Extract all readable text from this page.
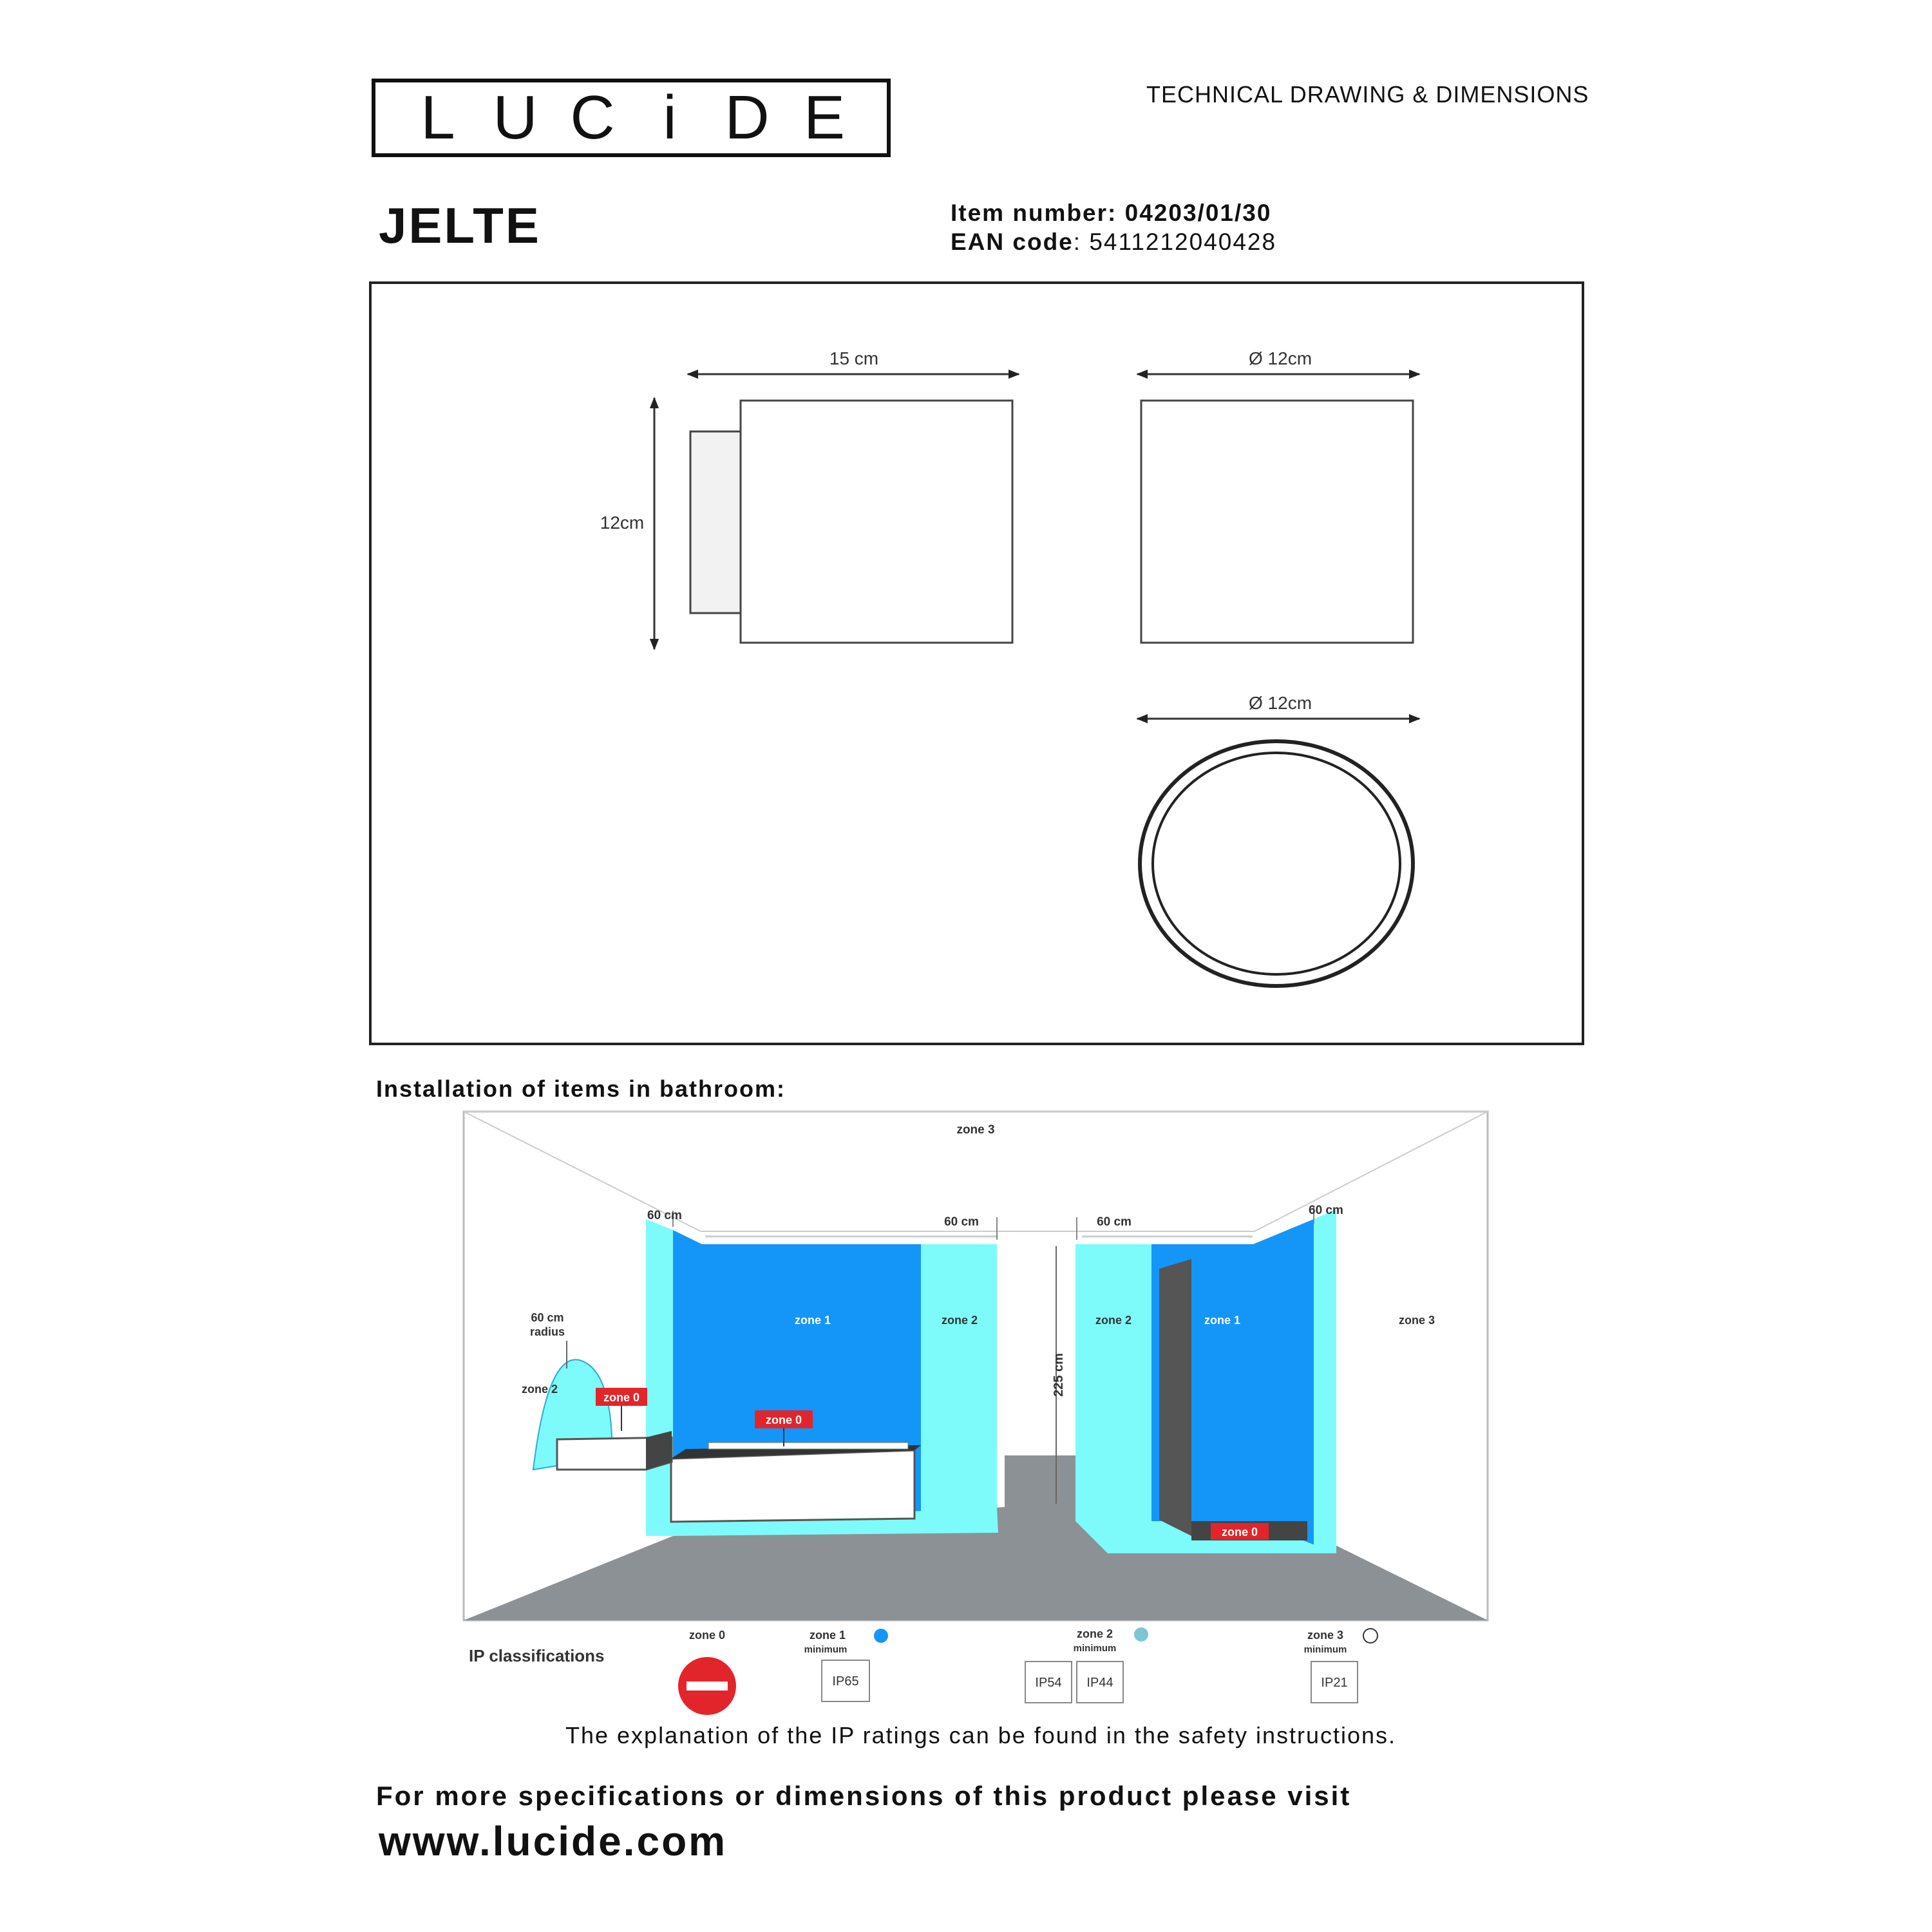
L U C i D E	TECHNICAL DRAWING & DIMENSIONS
JELTE	Item number: 04203/01/30
EAN code: 5411212040428
15 cm
12cm
Ø 12cm
Ø 12cm
Installation of items in bathroom:
zone 3
60 cm	60 cm	60 cm
60 cm
60 cm
radius
zone 2
zone 0
zone 1	zone 2
zone 0
225 cm
zone 2	zone 1
zone 0
zone 3
IP classifications
zone 0	zone 1
minimum
IP65
zone 2
minimum
IP54 IP44
zone 3
minimum
IP21
The explanation of the IP ratings can be found in the safety instructions.
For more specifications or dimensions of this product please visit
www.lucide.com
